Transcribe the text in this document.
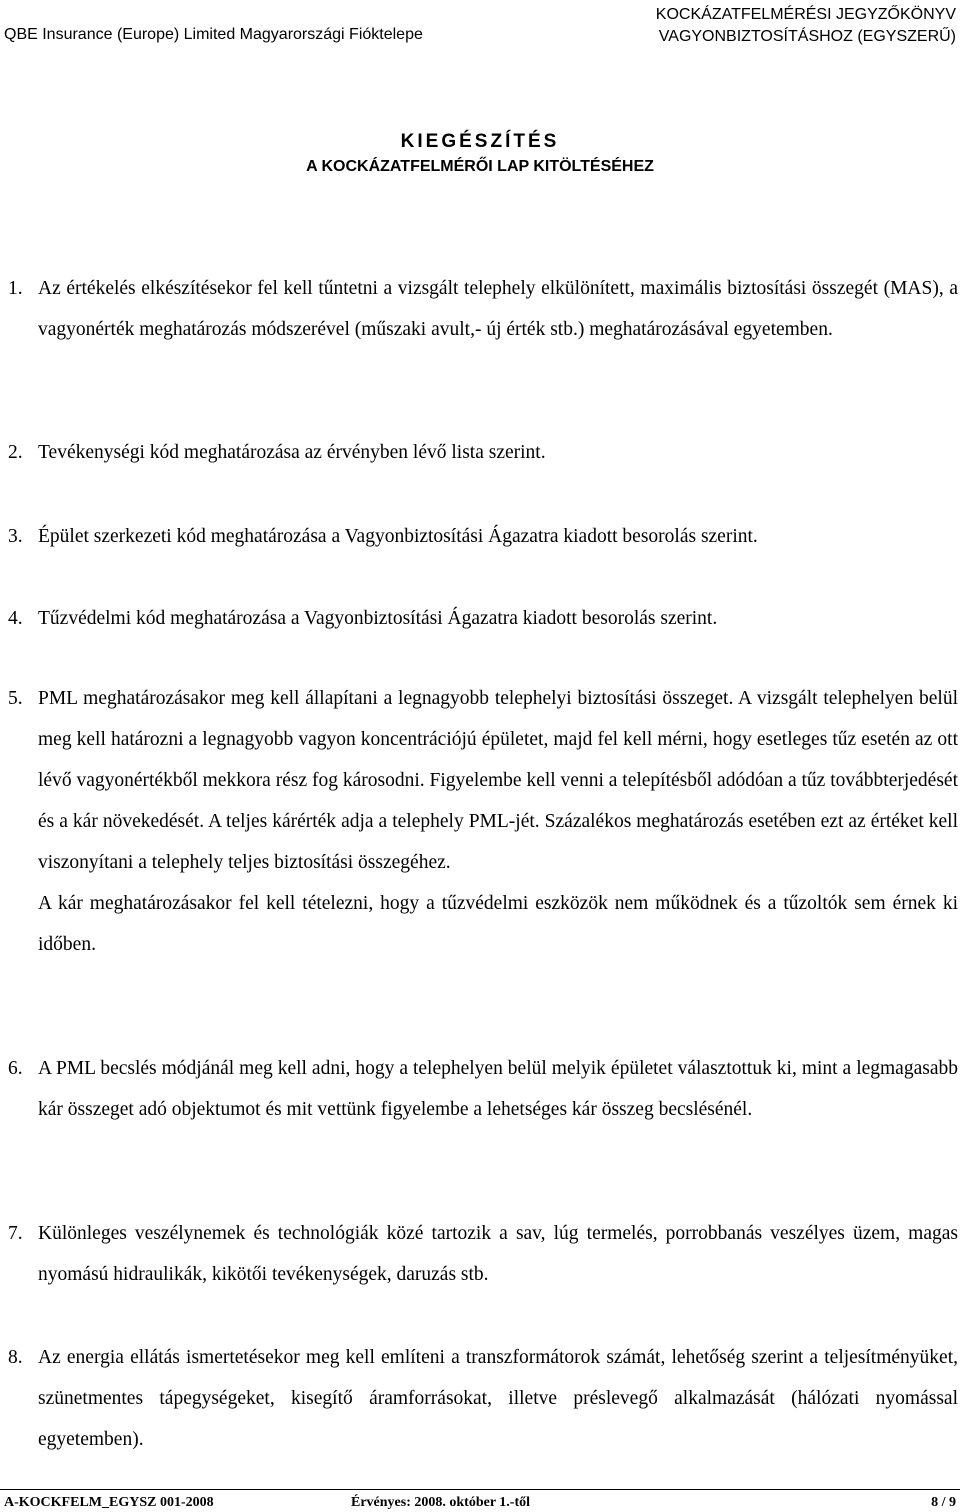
QBE Insurance (Europe) Limited Magyarországi Fióktelepe
KOCKÁZATFELMÉRÉSI JEGYZŐKÖNYV
VAGYONBIZTOSÍTÁSHOZ (EGYSZERŰ)
KIEGÉSZÍTÉS
A KOCKÁZATFELMÉRŐI LAP KITÖLTÉSÉHEZ
1. Az értékelés elkészítésekor fel kell tűntetni a vizsgált telephely elkülönített, maximális biztosítási összegét (MAS), a vagyonérték meghatározás módszerével (műszaki avult,- új érték stb.) meghatározásával egyetemben.

2. Tevékenységi kód meghatározása az érvényben lévő lista szerint.

3. Épület szerkezeti kód meghatározása a Vagyonbiztosítási Ágazatra kiadott besorolás szerint.

4. Tűzvédelmi kód meghatározása a Vagyonbiztosítási Ágazatra kiadott besorolás szerint.

5. PML meghatározásakor meg kell állapítani a legnagyobb telephelyi biztosítási összeget. A vizsgált telephelyen belül meg kell határozni a legnagyobb vagyon koncentrációjú épületet, majd fel kell mérni, hogy esetleges tűz esetén az ott lévő vagyonértékből mekkora rész fog károsodni. Figyelembe kell venni a telepítésből adódóan a tűz továbbterjedését és a kár növekedését. A teljes kárérték adja a telephely PML-jét. Százalékos meghatározás esetében ezt az értéket kell viszonyítani a telephely teljes biztosítási összegéhez.

A kár meghatározásakor fel kell tételezni, hogy a tűzvédelmi eszközök nem működnek és a tűzoltók sem érnek ki időben.

6. A PML becslés módjánál meg kell adni, hogy a telephelyen belül melyik épületet választottuk ki, mint a legmagasabb kár összeget adó objektumot és mit vettünk figyelembe a lehetséges kár összeg becslésénél.

7. Különleges veszélynemek és technológiák közé tartozik a sav, lúg termelés, porrobbanás veszélyes üzem, magas nyomású hidraulikák, kikötői tevékenységek, daruzás stb.

8. Az energia ellátás ismertetésekor meg kell említeni a transzformátorok számát, lehetőség szerint a teljesítményüket, szünetmentes tápegységeket, kisegítő áramforrásokat, illetve préslevegő alkalmazását (hálózati nyomással egyetemben).

A-KOCKFELM_EGYSZ 001-2008	Érvényes: 2008. október 1.-től	8 / 9
